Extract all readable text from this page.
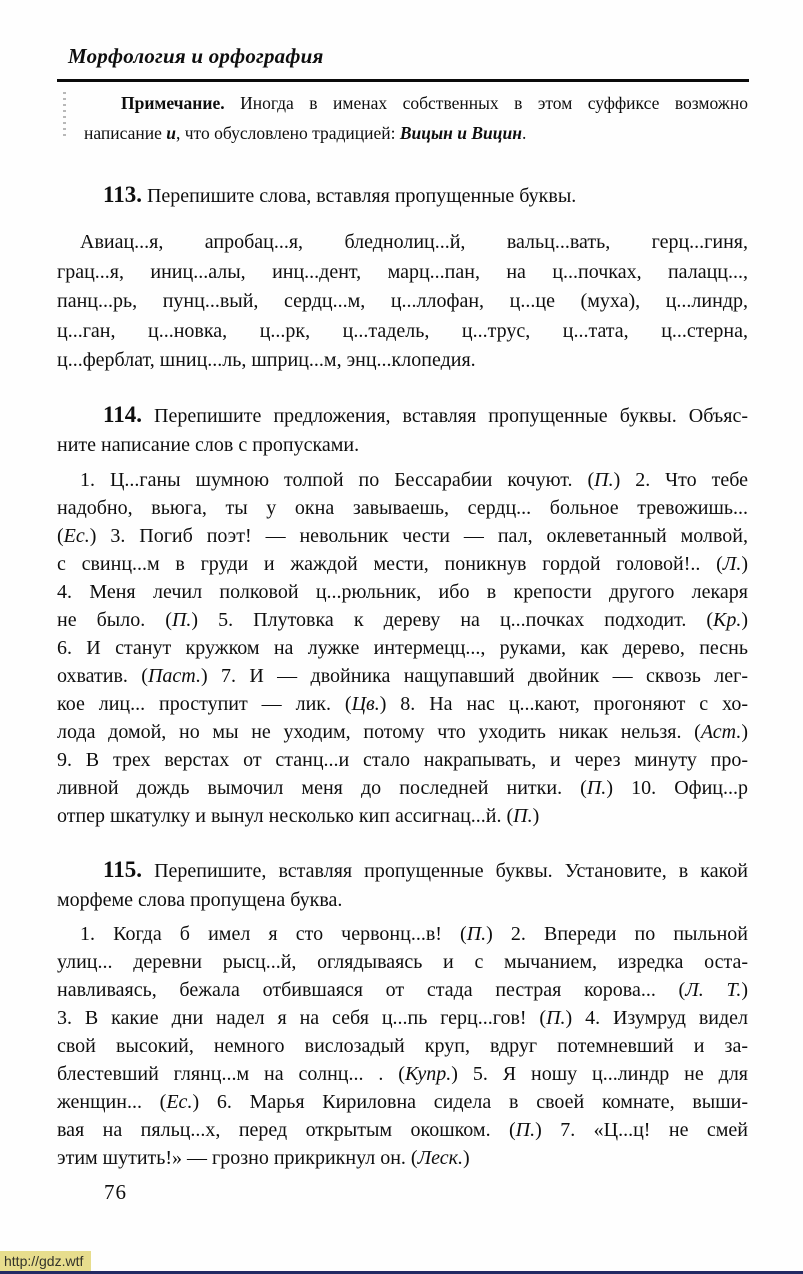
Морфология и орфография
Примечание. Иногда в именах собственных в этом суффиксе возможно
написание и, что обусловлено традицией: Вицын и Вицин.
113. Перепишите слова, вставляя пропущенные буквы.
Авиац...я, апробац...я, бледнолиц...й, вальц...вать, герц...гиня,
грац...я, иниц...алы, инц...дент, марц...пан, на ц...почках, палацц...,
панц...рь, пунц...вый, сердц...м, ц...ллофан, ц...це (муха), ц...линдр,
ц...ган, ц...новка, ц...рк, ц...тадель, ц...трус, ц...тата, ц...стерна,
ц...ферблат, шниц...ль, шприц...м, энц...клопедия.
114. Перепишите предложения, вставляя пропущенные буквы. Объяс-
ните написание слов с пропусками.
1. Ц...ганы шумною толпой по Бессарабии кочуют. (П.) 2. Что тебе
надобно, вьюга, ты у окна завываешь, сердц... больное тревожишь...
(Ес.) 3. Погиб поэт! — невольник чести — пал, оклеветанный молвой,
с свинц...м в груди и жаждой мести, поникнув гордой головой!.. (Л.)
4. Меня лечил полковой ц...рюльник, ибо в крепости другого лекаря
не было. (П.) 5. Плутовка к дереву на ц...почках подходит. (Кр.)
6. И станут кружком на лужке интермецц..., руками, как дерево, песнь
охватив. (Паст.) 7. И — двойника нащупавший двойник — сквозь лег-
кое лиц... проступит — лик. (Цв.) 8. На нас ц...кают, прогоняют с хо-
лода домой, но мы не уходим, потому что уходить никак нельзя. (Аст.)
9. В трех верстах от станц...и стало накрапывать, и через минуту про-
ливной дождь вымочил меня до последней нитки. (П.) 10. Офиц...р
отпер шкатулку и вынул несколько кип ассигнац...й. (П.)
115. Перепишите, вставляя пропущенные буквы. Установите, в какой
морфеме слова пропущена буква.
1. Когда б имел я сто червонц...в! (П.) 2. Впереди по пыльной
улиц... деревни рысц...й, оглядываясь и с мычанием, изредка оста-
навливаясь, бежала отбившаяся от стада пестрая корова... (Л. Т.)
3. В какие дни надел я на себя ц...пь герц...гов! (П.) 4. Изумруд видел
свой высокий, немного вислозадый круп, вдруг потемневший и за-
блестевший глянц...м на солнц... . (Купр.) 5. Я ношу ц...линдр не для
женщин... (Ес.) 6. Марья Кириловна сидела в своей комнате, выши-
вая на пяльц...х, перед открытым окошком. (П.) 7. «Ц...ц! не смей
этим шутить!» — грозно прикрикнул он. (Леск.)
76
http://gdz.wtf
